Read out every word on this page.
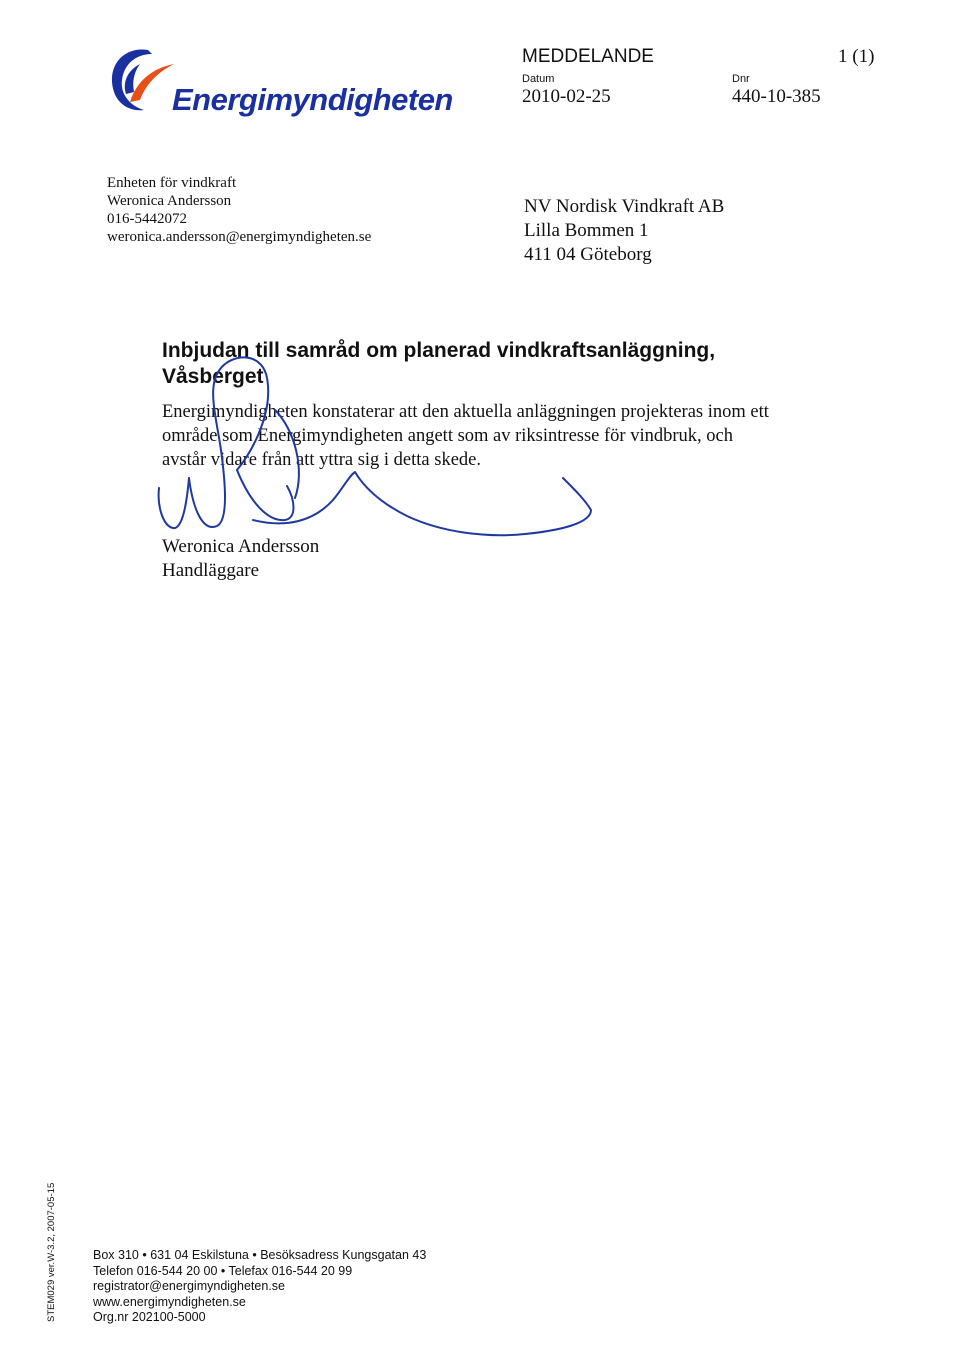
Energimyndigheten
MEDDELANDE	1 (1)
Datum
2010-02-25
Dnr
440-10-385
Enheten för vindkraft
Weronica Andersson
016-5442072
weronica.andersson@energimyndigheten.se
NV Nordisk Vindkraft AB
Lilla Bommen 1
411 04 Göteborg
Inbjudan till samråd om planerad vindkraftsanläggning,
Våsberget
Energimyndigheten konstaterar att den aktuella anläggningen projekteras inom ett
område som Energimyndigheten angett som av riksintresse för vindbruk, och
avstår vidare från att yttra sig i detta skede.
Weronica Andersson
Handläggare
STEM029 ver.W-3.2, 2007-05-15	Box 310 • 631 04 Eskilstuna • Besöksadress Kungsgatan 43
Telefon 016-544 20 00 • Telefax 016-544 20 99
registrator@energimyndigheten.se
www.energimyndigheten.se
Org.nr 202100-5000
